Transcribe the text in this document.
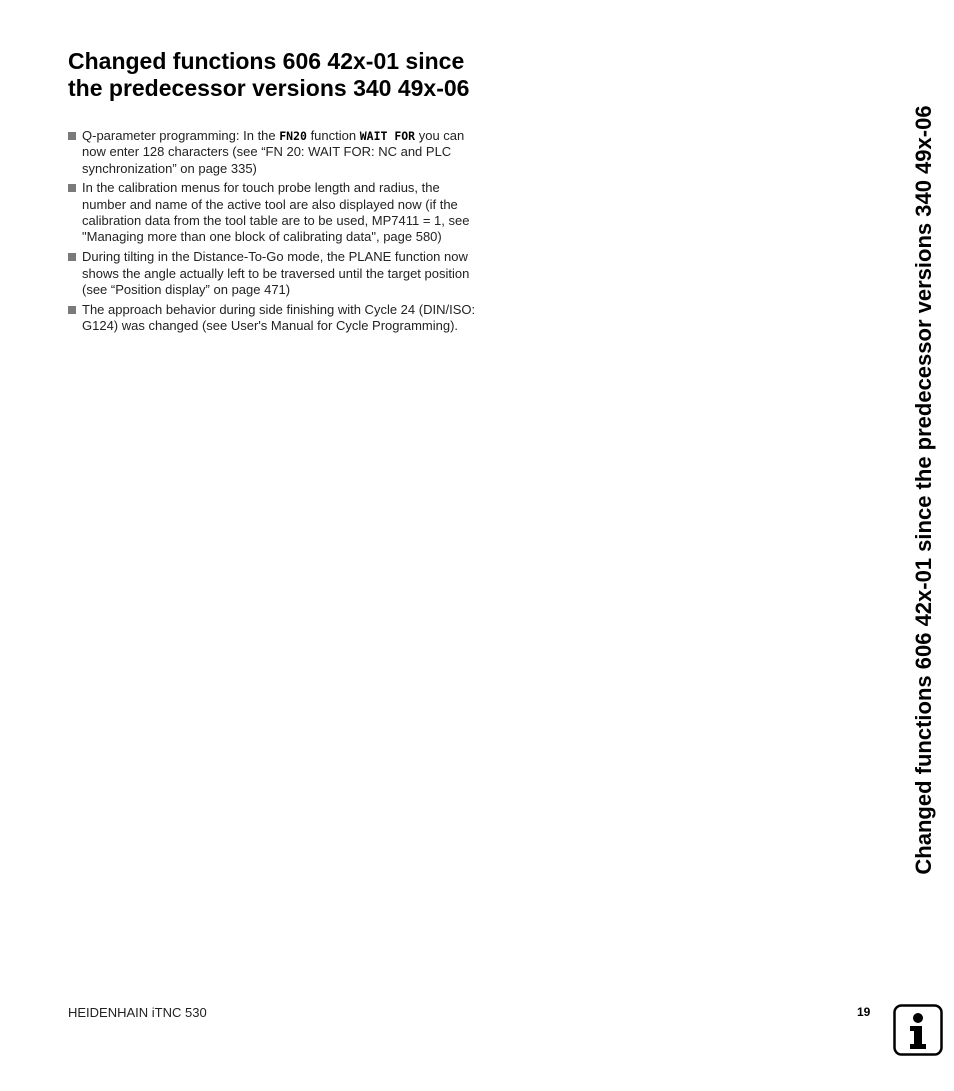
Changed functions 606 42x-01 since
the predecessor versions 340 49x-06
Q-parameter programming: In the FN20 function WAIT FOR you can
now enter 128 characters (see “FN 20: WAIT FOR: NC and PLC
synchronization” on page 335)
In the calibration menus for touch probe length and radius, the
number and name of the active tool are also displayed now (if the
calibration data from the tool table are to be used, MP7411 = 1, see
"Managing more than one block of calibrating data", page 580)
During tilting in the Distance-To-Go mode, the PLANE function now
shows the angle actually left to be traversed until the target position
(see “Position display” on page 471)
The approach behavior during side finishing with Cycle 24 (DIN/ISO:
G124) was changed (see User's Manual for Cycle Programming).	Changed functions 606 42x-01 since the predecessor versions 340 49x-06
HEIDENHAIN iTNC 530	19
